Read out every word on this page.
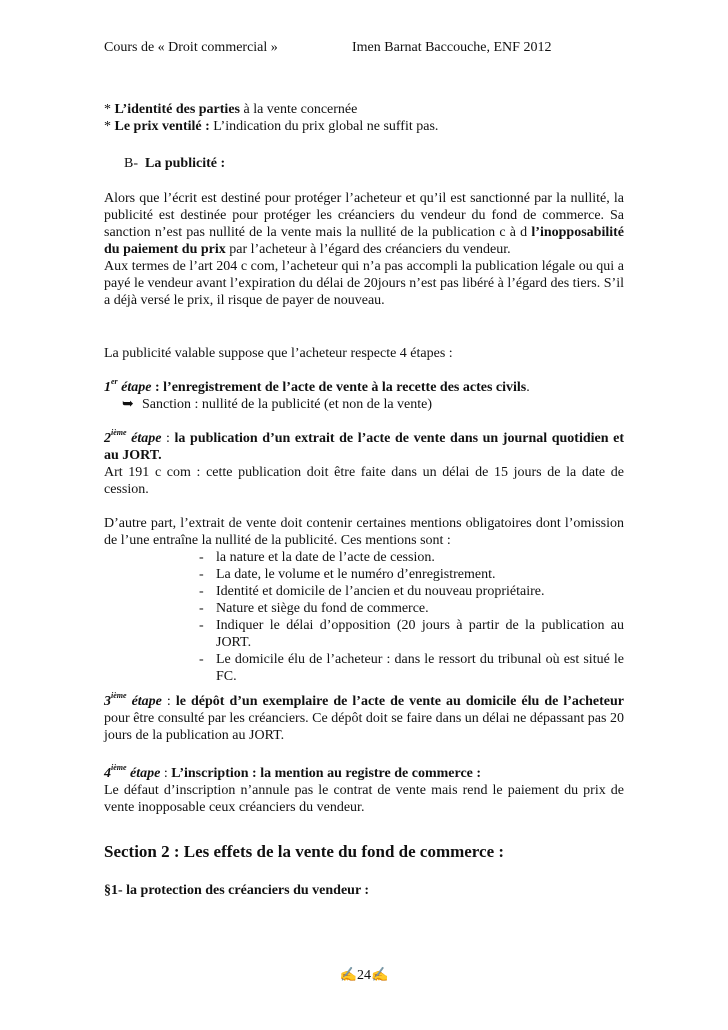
Cours de « Droit commercial »	Imen Barnat Baccouche, ENF 2012

* L’identité des parties à la vente concernée
* Le prix ventilé : L’indication du prix global ne suffit pas.

B- La publicité :

Alors que l’écrit est destiné pour protéger l’acheteur et qu’il est sanctionné par la nullité, la publicité est destinée pour protéger les créanciers du vendeur du fond de commerce. Sa sanction n’est pas nullité de la vente mais la nullité de la publication c à d l’inopposabilité du paiement du prix par l’acheteur à l’égard des créanciers du vendeur.
Aux termes de l’art 204 c com, l’acheteur qui n’a pas accompli la publication légale ou qui a payé le vendeur avant l’expiration du délai de 20jours n’est pas libéré à l’égard des tiers. S’il a déjà versé le prix, il risque de payer de nouveau.

La publicité valable suppose que l’acheteur respecte 4 étapes :

1er étape : l’enregistrement de l’acte de vente à la recette des actes civils.
➥ Sanction : nullité de la publicité (et non de la vente)

2ième étape : la publication d’un extrait de l’acte de vente dans un journal quotidien et au JORT.
Art 191 c com : cette publication doit être faite dans un délai de 15 jours de la date de cession.

D’autre part, l’extrait de vente doit contenir certaines mentions obligatoires dont l’omission de l’une entraîne la nullité de la publicité. Ces mentions sont :

- la nature et la date de l’acte de cession.
- La date, le volume et le numéro d’enregistrement.
- Identité et domicile de l’ancien et du nouveau propriétaire.
- Nature et siège du fond de commerce.
- Indiquer le délai d’opposition (20 jours à partir de la publication au JORT.
- Le domicile élu de l’acheteur : dans le ressort du tribunal où est situé le FC.

3ième étape : le dépôt d’un exemplaire de l’acte de vente au domicile élu de l’acheteur pour être consulté par les créanciers. Ce dépôt doit se faire dans un délai ne dépassant pas 20 jours de la publication au JORT.

4ième étape : L’inscription : la mention au registre de commerce :
Le défaut d’inscription n’annule pas le contrat de vente mais rend le paiement du prix de vente inopposable ceux créanciers du vendeur.

Section 2 : Les effets de la vente du fond de commerce :

§1- la protection des créanciers du vendeur :

✍24✍
